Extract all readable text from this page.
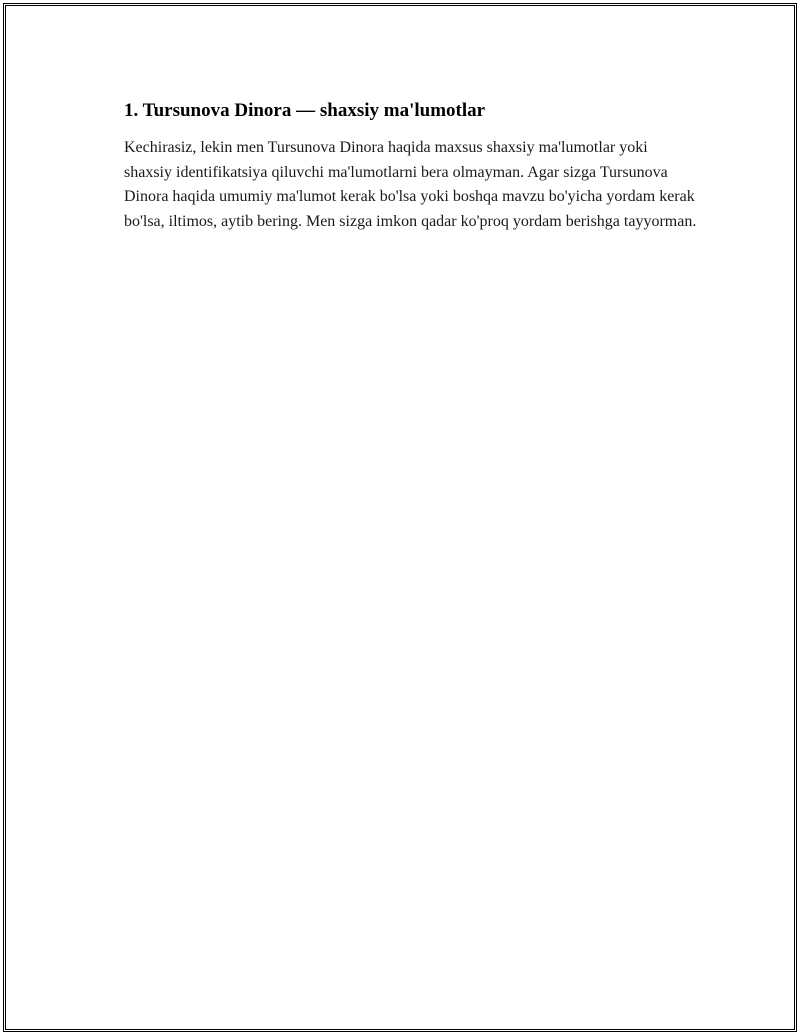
1. Tursunova Dinora — shaxsiy ma'lumotlar

Kechirasiz, lekin men Tursunova Dinora haqida maxsus shaxsiy ma'lumotlar yoki shaxsiy identifikatsiya qiluvchi ma'lumotlarni bera olmayman. Agar sizga Tursunova Dinora haqida umumiy ma'lumot kerak bo'lsa yoki boshqa mavzu bo'yicha yordam kerak bo'lsa, iltimos, aytib bering. Men sizga imkon qadar ko'proq yordam berishga tayyorman.
